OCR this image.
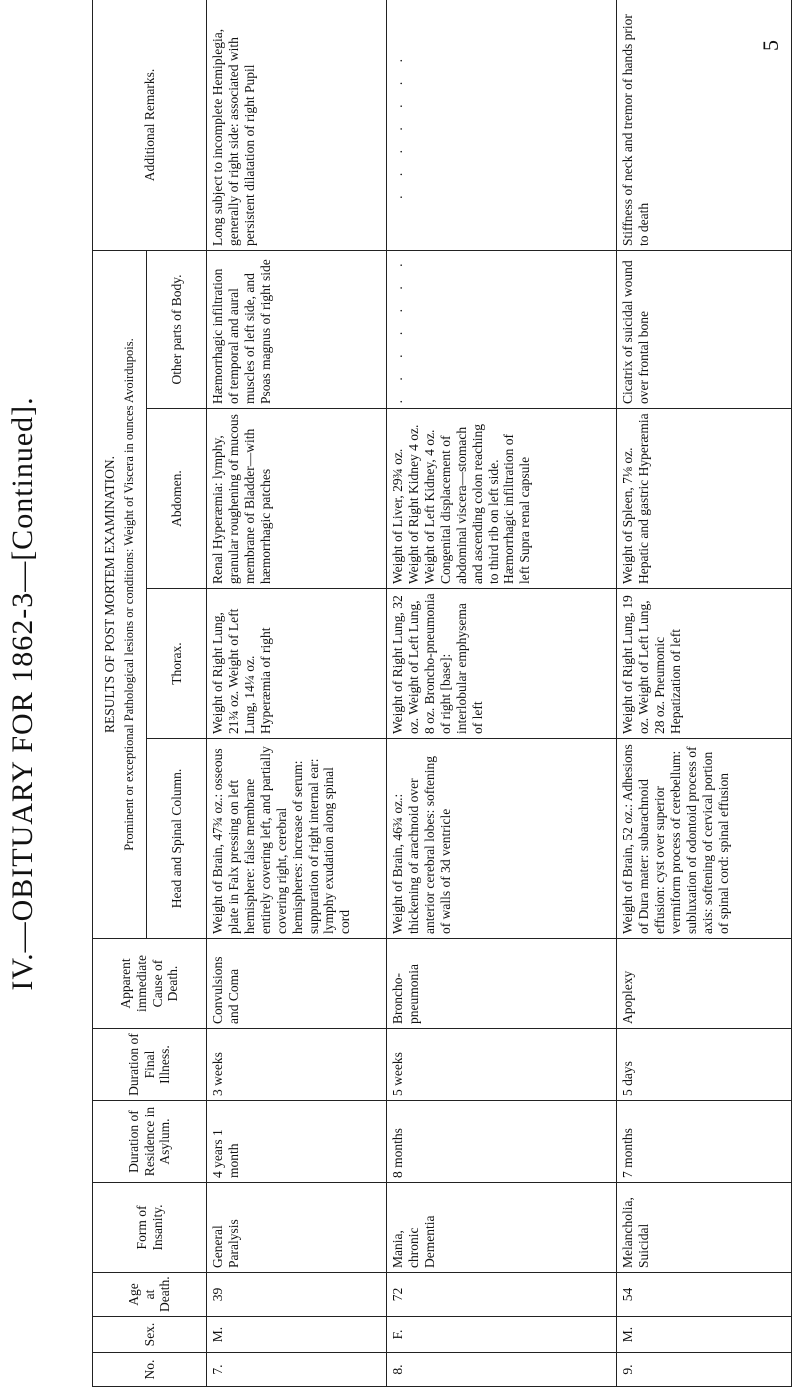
IV.—OBITUARY FOR 1862-3—[Continued].
5
No.	Sex.	Age at Death.	Form of Insanity.	Duration of Residence in Asylum.	Duration of Final Illness.	Apparent immediate Cause of Death.	RESULTS OF POST MORTEM EXAMINATION. Prominent or exceptional Pathological lesions or conditions: Weight of Viscera in ounces Avoirdupois.				Additional Remarks.
							Head and Spinal Column.	Thorax.	Abdomen.	Other parts of Body.	
7.	M.	39	General Paralysis	4 years 1 month	3 weeks	Convulsions and Coma	Weight of Brain, 47¾ oz.: osseous plate in Falx pressing on left hemisphere: false membrane entirely covering left, and partially covering right, cerebral hemispheres: increase of serum: suppuration of right internal ear: lymphy exudation along spinal cord	Weight of Right Lung, 21¾ oz. Weight of Left Lung, 14¼ oz. Hyperæmia of right	Renal Hyperæmia: lymphy, granular roughening of mucous membrane of Bladder—with hæmorrhagic patches	Hæmorrhagic infiltration of temporal and aural muscles of left side, and Psoas magnus of right side	Long subject to incomplete Hemiplegia, generally of right side: associated with persistent dilatation of right Pupil
8.	F.	72	Mania, chronic Dementia	8 months	5 weeks	Broncho-pneumonia	Weight of Brain, 46¾ oz.: thickening of arachnoid over anterior cerebral lobes: softening of walls of 3d ventricle	Weight of Right Lung, 32 oz. Weight of Left Lung, 8 oz. Broncho-pneumonia of right [base]: interlobular emphysema of left	Weight of Liver, 29¾ oz. Weight of Right Kidney 4 oz. Weight of Left Kidney, 4 oz. Congenital displacement of abdominal viscera—stomach and ascending colon reaching to third rib on left side. Hæmorrhagic infiltration of left Supra renal capsule	. . . . . . .	. . . . . . .
9.	M.	54	Melancholia, Suicidal	7 months	5 days	Apoplexy	Weight of Brain, 52 oz.: Adhesions of Dura mater: subarachnoid effusion: cyst over superior vermiform process of cerebellum: subluxation of odontoid process of axis: softening of cervical portion of spinal cord: spinal effusion	Weight of Right Lung, 19 oz. Weight of Left Lung, 28 oz. Pneumonic Hepatization of left	Weight of Spleen, 7⅛ oz. Hepatic and gastric Hyperæmia	Cicatrix of suicidal wound over frontal bone	Stiffness of neck and tremor of hands prior to death
